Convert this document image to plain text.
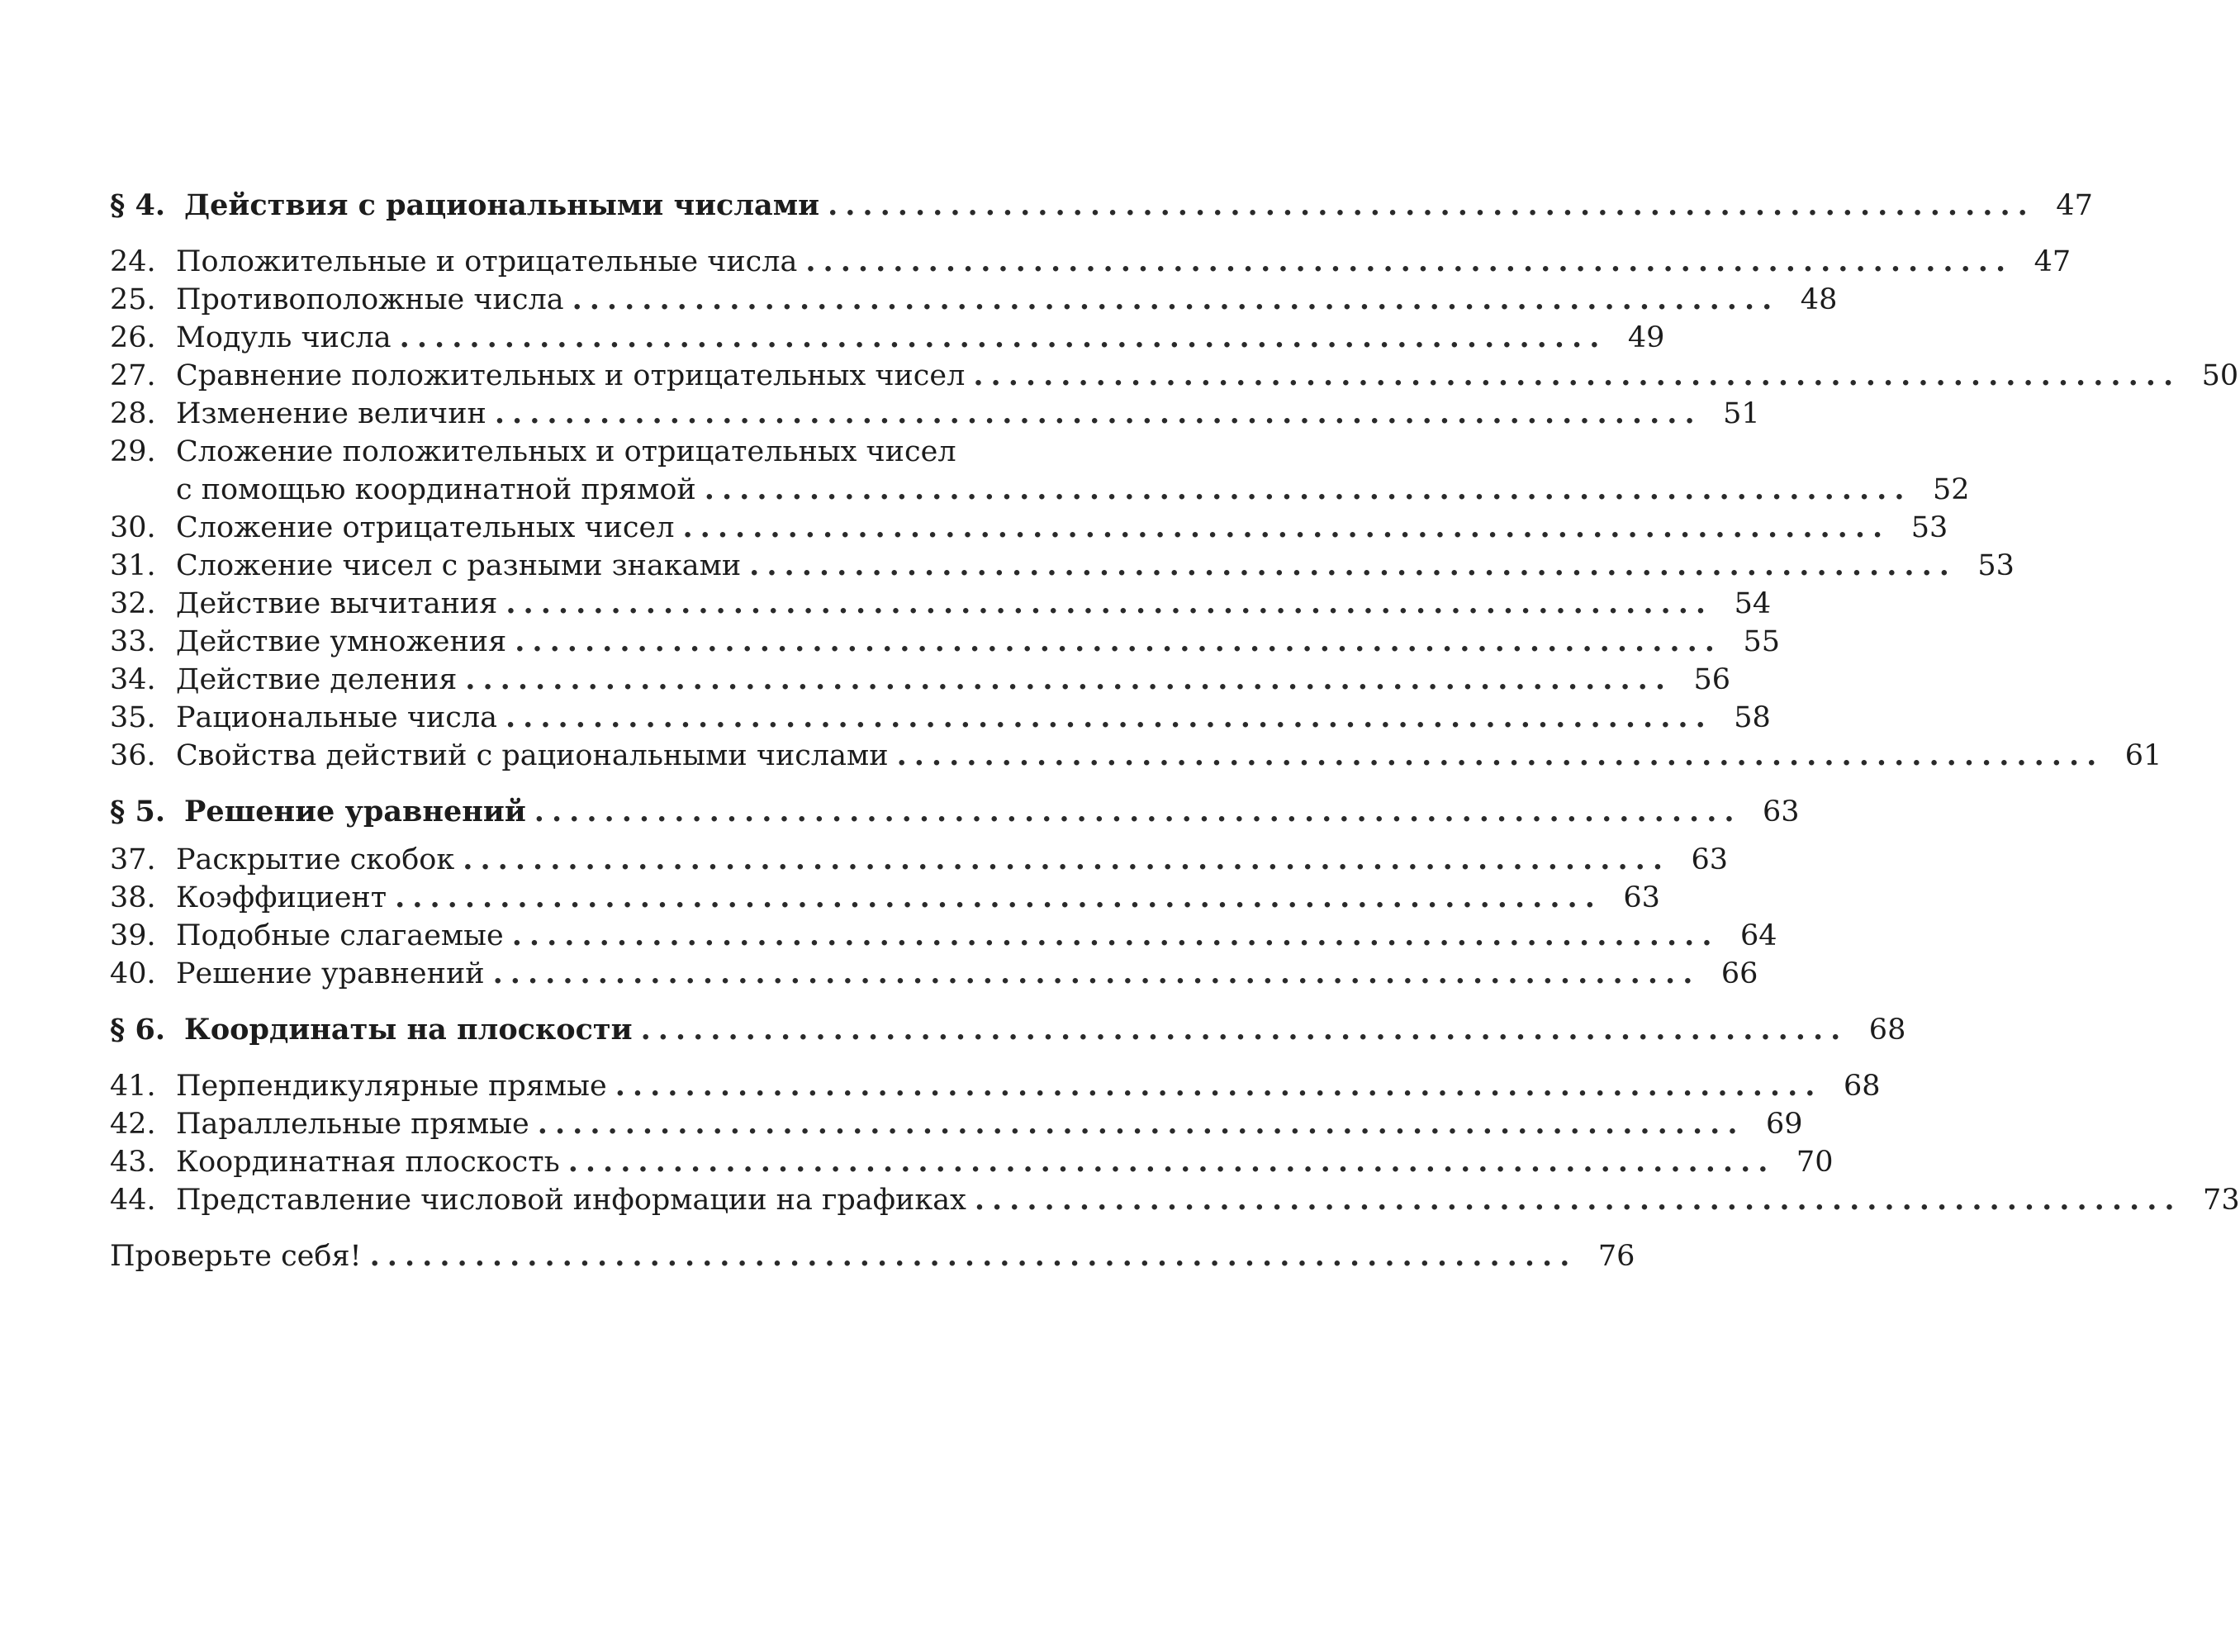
§ 4. Действия с рациональными числами ..................................................................... 47
24. Положительные и отрицательные числа ..................................................................... 47
25. Противоположные числа ..................................................................... 48
26. Модуль числа ..................................................................... 49
27. Сравнение положительных и отрицательных чисел ..................................................................... 50
28. Изменение величин ..................................................................... 51
29. Сложение положительных и отрицательных чисел
с помощью координатной прямой ..................................................................... 52
30. Сложение отрицательных чисел ..................................................................... 53
31. Сложение чисел с разными знаками ..................................................................... 53
32. Действие вычитания ..................................................................... 54
33. Действие умножения ..................................................................... 55
34. Действие деления ..................................................................... 56
35. Рациональные числа ..................................................................... 58
36. Свойства действий с рациональными числами ..................................................................... 61
§ 5. Решение уравнений ..................................................................... 63
37. Раскрытие скобок ..................................................................... 63
38. Коэффициент ..................................................................... 63
39. Подобные слагаемые ..................................................................... 64
40. Решение уравнений ..................................................................... 66
§ 6. Координаты на плоскости ..................................................................... 68
41. Перпендикулярные прямые ..................................................................... 68
42. Параллельные прямые ..................................................................... 69
43. Координатная плоскость ..................................................................... 70
44. Представление числовой информации на графиках ..................................................................... 73
Проверьте себя! ..................................................................... 76
